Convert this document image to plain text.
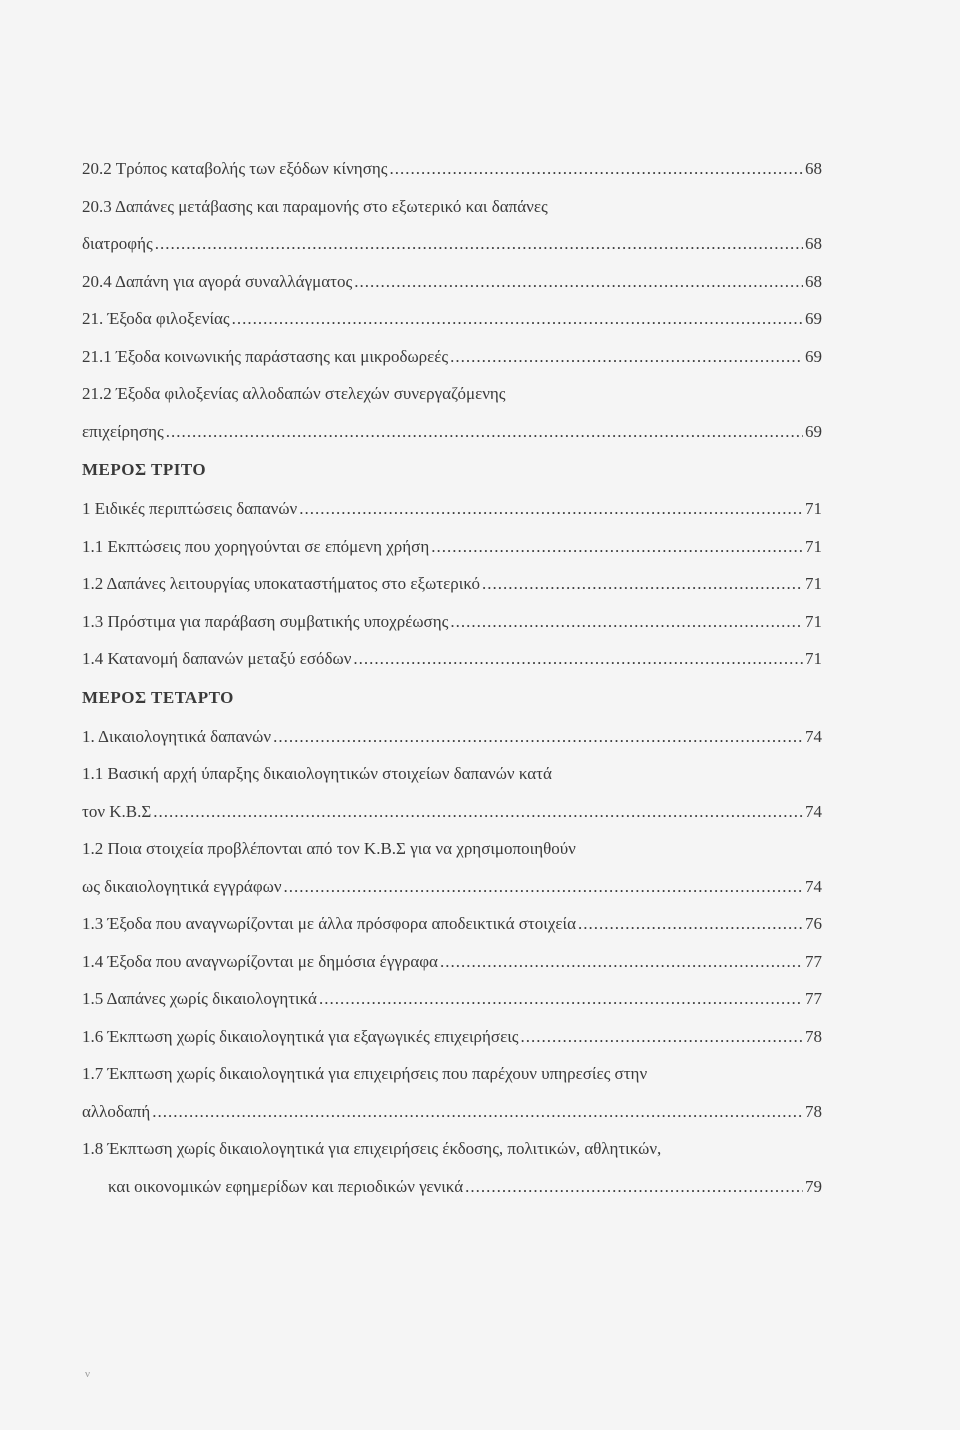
20.2 Τρόπος καταβολής των εξόδων κίνησης .....	68
20.3 Δαπάνες μετάβασης και παραμονής στο εξωτερικό και δαπάνες
διατροφής .....	68
20.4 Δαπάνη για αγορά συναλλάγματος .....	68
21. Έξοδα φιλοξενίας .....	69
21.1 Έξοδα κοινωνικής παράστασης και μικροδωρεές .....	69
21.2 Έξοδα φιλοξενίας αλλοδαπών στελεχών συνεργαζόμενης
επιχείρησης .....	69
ΜΕΡΟΣ ΤΡΙΤΟ
1 Ειδικές περιπτώσεις δαπανών .....	71
1.1 Εκπτώσεις που χορηγούνται σε επόμενη χρήση .....	71
1.2 Δαπάνες λειτουργίας υποκαταστήματος στο εξωτερικό .....	71
1.3 Πρόστιμα για παράβαση συμβατικής υποχρέωσης .....	71
1.4 Κατανομή δαπανών μεταξύ εσόδων .....	71
ΜΕΡΟΣ ΤΕΤΑΡΤΟ
1. Δικαιολογητικά δαπανών .....	74
1.1 Βασική αρχή ύπαρξης δικαιολογητικών στοιχείων δαπανών κατά
τον Κ.Β.Σ .....	74
1.2 Ποια στοιχεία προβλέπονται από τον Κ.Β.Σ για να χρησιμοποιηθούν
ως δικαιολογητικά εγγράφων .....	74
1.3 Έξοδα που αναγνωρίζονται με άλλα πρόσφορα αποδεικτικά στοιχεία .....	76
1.4 Έξοδα που αναγνωρίζονται με δημόσια έγγραφα .....	77
1.5 Δαπάνες χωρίς δικαιολογητικά .....	77
1.6 Έκπτωση χωρίς δικαιολογητικά για εξαγωγικές επιχειρήσεις .....	78
1.7 Έκπτωση χωρίς δικαιολογητικά για επιχειρήσεις που παρέχουν υπηρεσίες στην
αλλοδαπή .....	78
1.8 Έκπτωση χωρίς δικαιολογητικά για επιχειρήσεις έκδοσης, πολιτικών, αθλητικών,
και οικονομικών εφημερίδων και περιοδικών γενικά .....	79
ν
